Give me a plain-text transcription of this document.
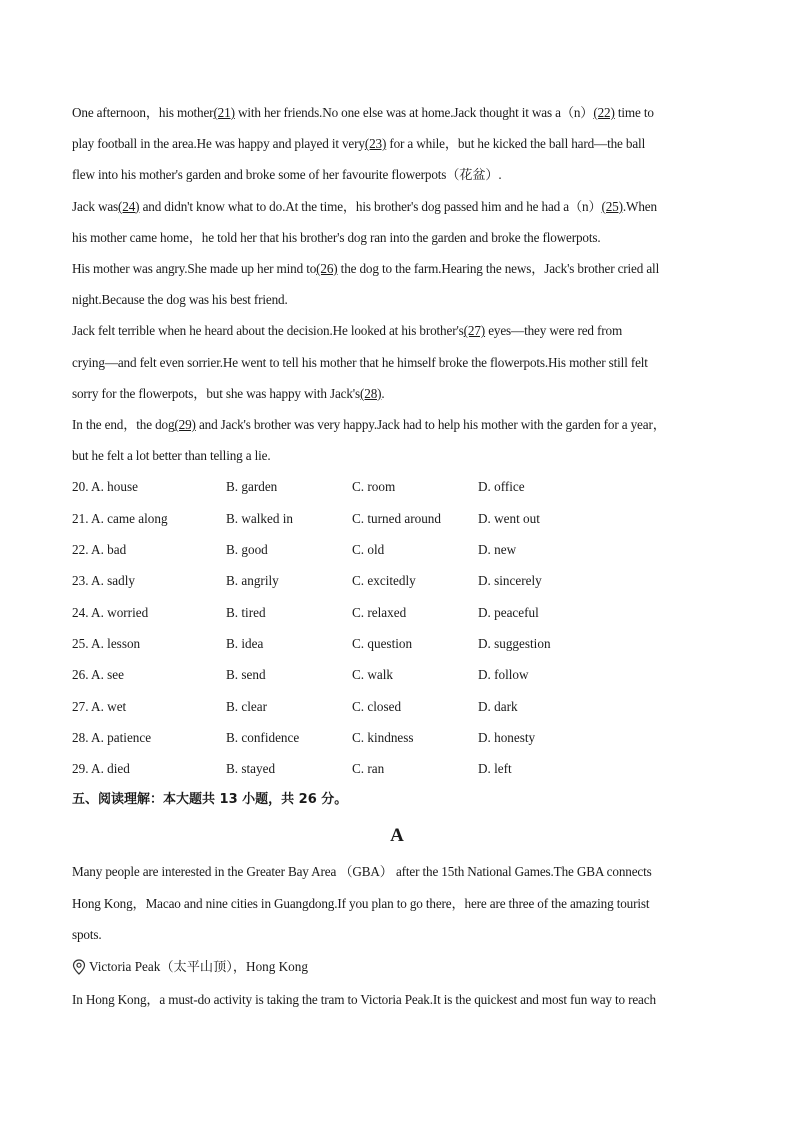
One afternoon，his mother(21) with her friends.No one else was at home.Jack thought it was a（n）(22) time to

play football in the area.He was happy and played it very(23) for a while，but he kicked the ball hard—the ball

flew into his mother's garden and broke some of her favourite flowerpots（花盆）.

Jack was(24) and didn't know what to do.At the time，his brother's dog passed him and he had a（n）(25).When

his mother came home，he told her that his brother's dog ran into the garden and broke the flowerpots.

His mother was angry.She made up her mind to(26) the dog to the farm.Hearing the news，Jack's brother cried all

night.Because the dog was his best friend.

Jack felt terrible when he heard about the decision.He looked at his brother's(27) eyes—they were red from

crying—and felt even sorrier.He went to tell his mother that he himself broke the flowerpots.His mother still felt

sorry for the flowerpots，but she was happy with Jack's(28).

In the end，the dog(29) and Jack's brother was very happy.Jack had to help his mother with the garden for a year，

but he felt a lot better than telling a lie.

20. A. house	B. garden	C. room	D. office
21. A. came along	B. walked in	C. turned around	D. went out
22. A. bad	B. good	C. old	D. new
23. A. sadly	B. angrily	C. excitedly	D. sincerely
24. A. worried	B. tired	C. relaxed	D. peaceful
25. A. lesson	B. idea	C. question	D. suggestion
26. A. see	B. send	C. walk	D. follow
27. A. wet	B. clear	C. closed	D. dark
28. A. patience	B. confidence	C. kindness	D. honesty
29. A. died	B. stayed	C. ran	D. left
五、阅读理解：本大题共 13 小题，共 26 分。
A

Many people are interested in the Greater Bay Area （GBA） after the 15th National Games.The GBA connects

Hong Kong，Macao and nine cities in Guangdong.If you plan to go there，here are three of the amazing tourist

spots.

Victoria Peak（太平山顶），Hong Kong

In Hong Kong，a must-do activity is taking the tram to Victoria Peak.It is the quickest and most fun way to reach
